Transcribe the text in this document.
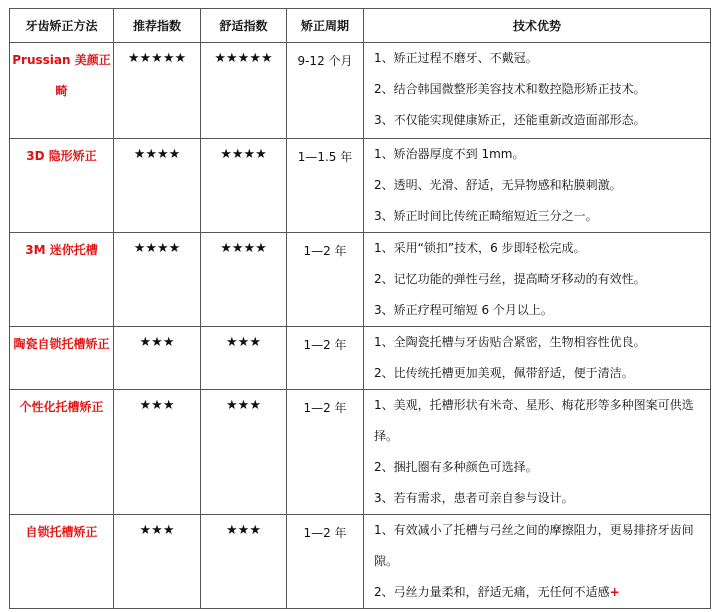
牙齿矫正方法	推荐指数	舒适指数	矫正周期	技术优势
Prussian 美颜正畸	★★★★★	★★★★★	9-12 个月	1、矫正过程不磨牙、不戴冠。

2、结合韩国微整形美容技术和数控隐形矫正技术。

3、不仅能实现健康矫正，还能重新改造面部形态。

3D 隐形矫正	★★★★	★★★★	1—1.5 年	1、矫治器厚度不到 1mm。

2、透明、光滑、舒适，无异物感和粘膜刺激。

3、矫正时间比传统正畸缩短近三分之一。

3M 迷你托槽	★★★★	★★★★	1—2 年	1、采用“锁扣”技术，6 步即轻松完成。

2、记忆功能的弹性弓丝，提高畸牙移动的有效性。

3、矫正疗程可缩短 6 个月以上。

陶瓷自锁托槽矫正	★★★	★★★	1—2 年	1、全陶瓷托槽与牙齿贴合紧密，生物相容性优良。

2、比传统托槽更加美观，佩带舒适，便于清洁。

个性化托槽矫正	★★★	★★★	1—2 年	1、美观，托槽形状有米奇、星形、梅花形等多种图案可供选择。

2、捆扎圈有多种颜色可选择。

3、若有需求，患者可亲自参与设计。

自锁托槽矫正	★★★	★★★	1—2 年	1、有效减小了托槽与弓丝之间的摩擦阻力，更易排挤牙齿间隙。

2、弓丝力量柔和，舒适无痛，无任何不适感+
